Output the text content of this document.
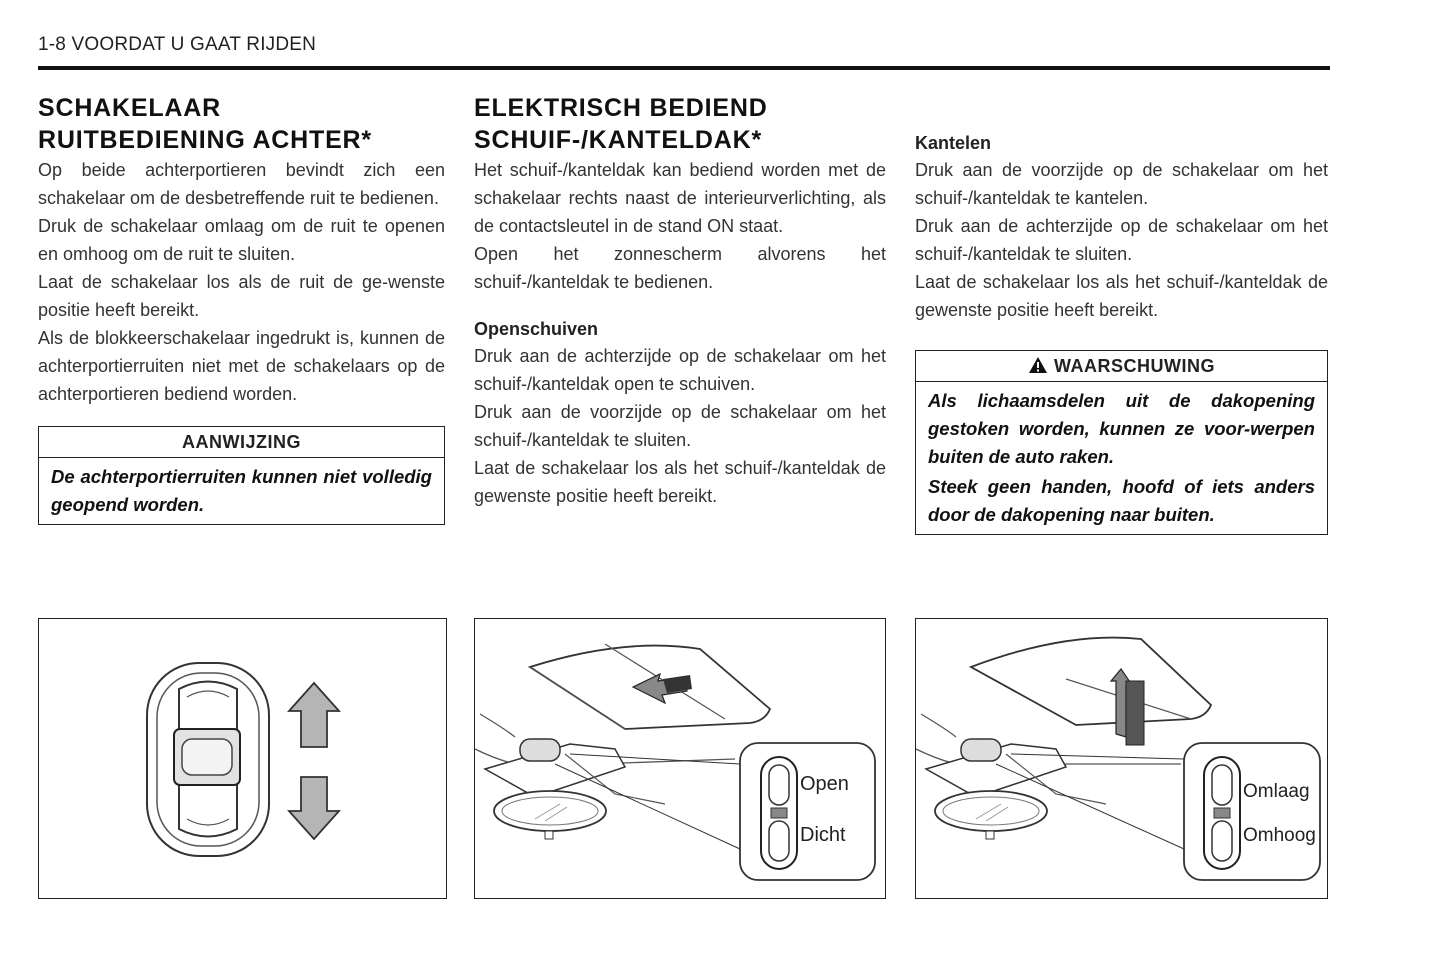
1-8 VOORDAT U GAAT RIJDEN
SCHAKELAAR
RUITBEDIENING ACHTER*

Op beide achterportieren bevindt zich een schakelaar om de desbetreffende ruit te bedienen.

Druk de schakelaar omlaag om de ruit te openen en omhoog om de ruit te sluiten.

Laat de schakelaar los als de ruit de ge-wenste positie heeft bereikt.

Als de blokkeerschakelaar ingedrukt is, kunnen de achterportierruiten niet met de schakelaars op de achterportieren bediend worden.

AANWIJZING
De achterportierruiten kunnen niet volledig geopend worden.
ELEKTRISCH BEDIEND
SCHUIF-/KANTELDAK*

Het schuif-/kanteldak kan bediend worden met de schakelaar rechts naast de interieurverlichting, als de contactsleutel in de stand ON staat.

Open het zonnescherm alvorens het schuif-/kanteldak te bedienen.

Openschuiven

Druk aan de achterzijde op de schakelaar om het schuif-/kanteldak open te schuiven.

Druk aan de voorzijde op de schakelaar om het schuif-/kanteldak te sluiten.

Laat de schakelaar los als het schuif-/kanteldak de gewenste positie heeft bereikt.

Kantelen

Druk aan de voorzijde op de schakelaar om het schuif-/kanteldak te kantelen.

Druk aan de achterzijde op de schakelaar om het schuif-/kanteldak te sluiten.

Laat de schakelaar los als het schuif-/kanteldak de gewenste positie heeft bereikt.

WAARSCHUWING
Als lichaamsdelen uit de dakopening gestoken worden, kunnen ze voor-werpen buiten de auto raken.
Steek geen handen, hoofd of iets anders door de dakopening naar buiten.
Open
Dicht
Omlaag
Omhoog
